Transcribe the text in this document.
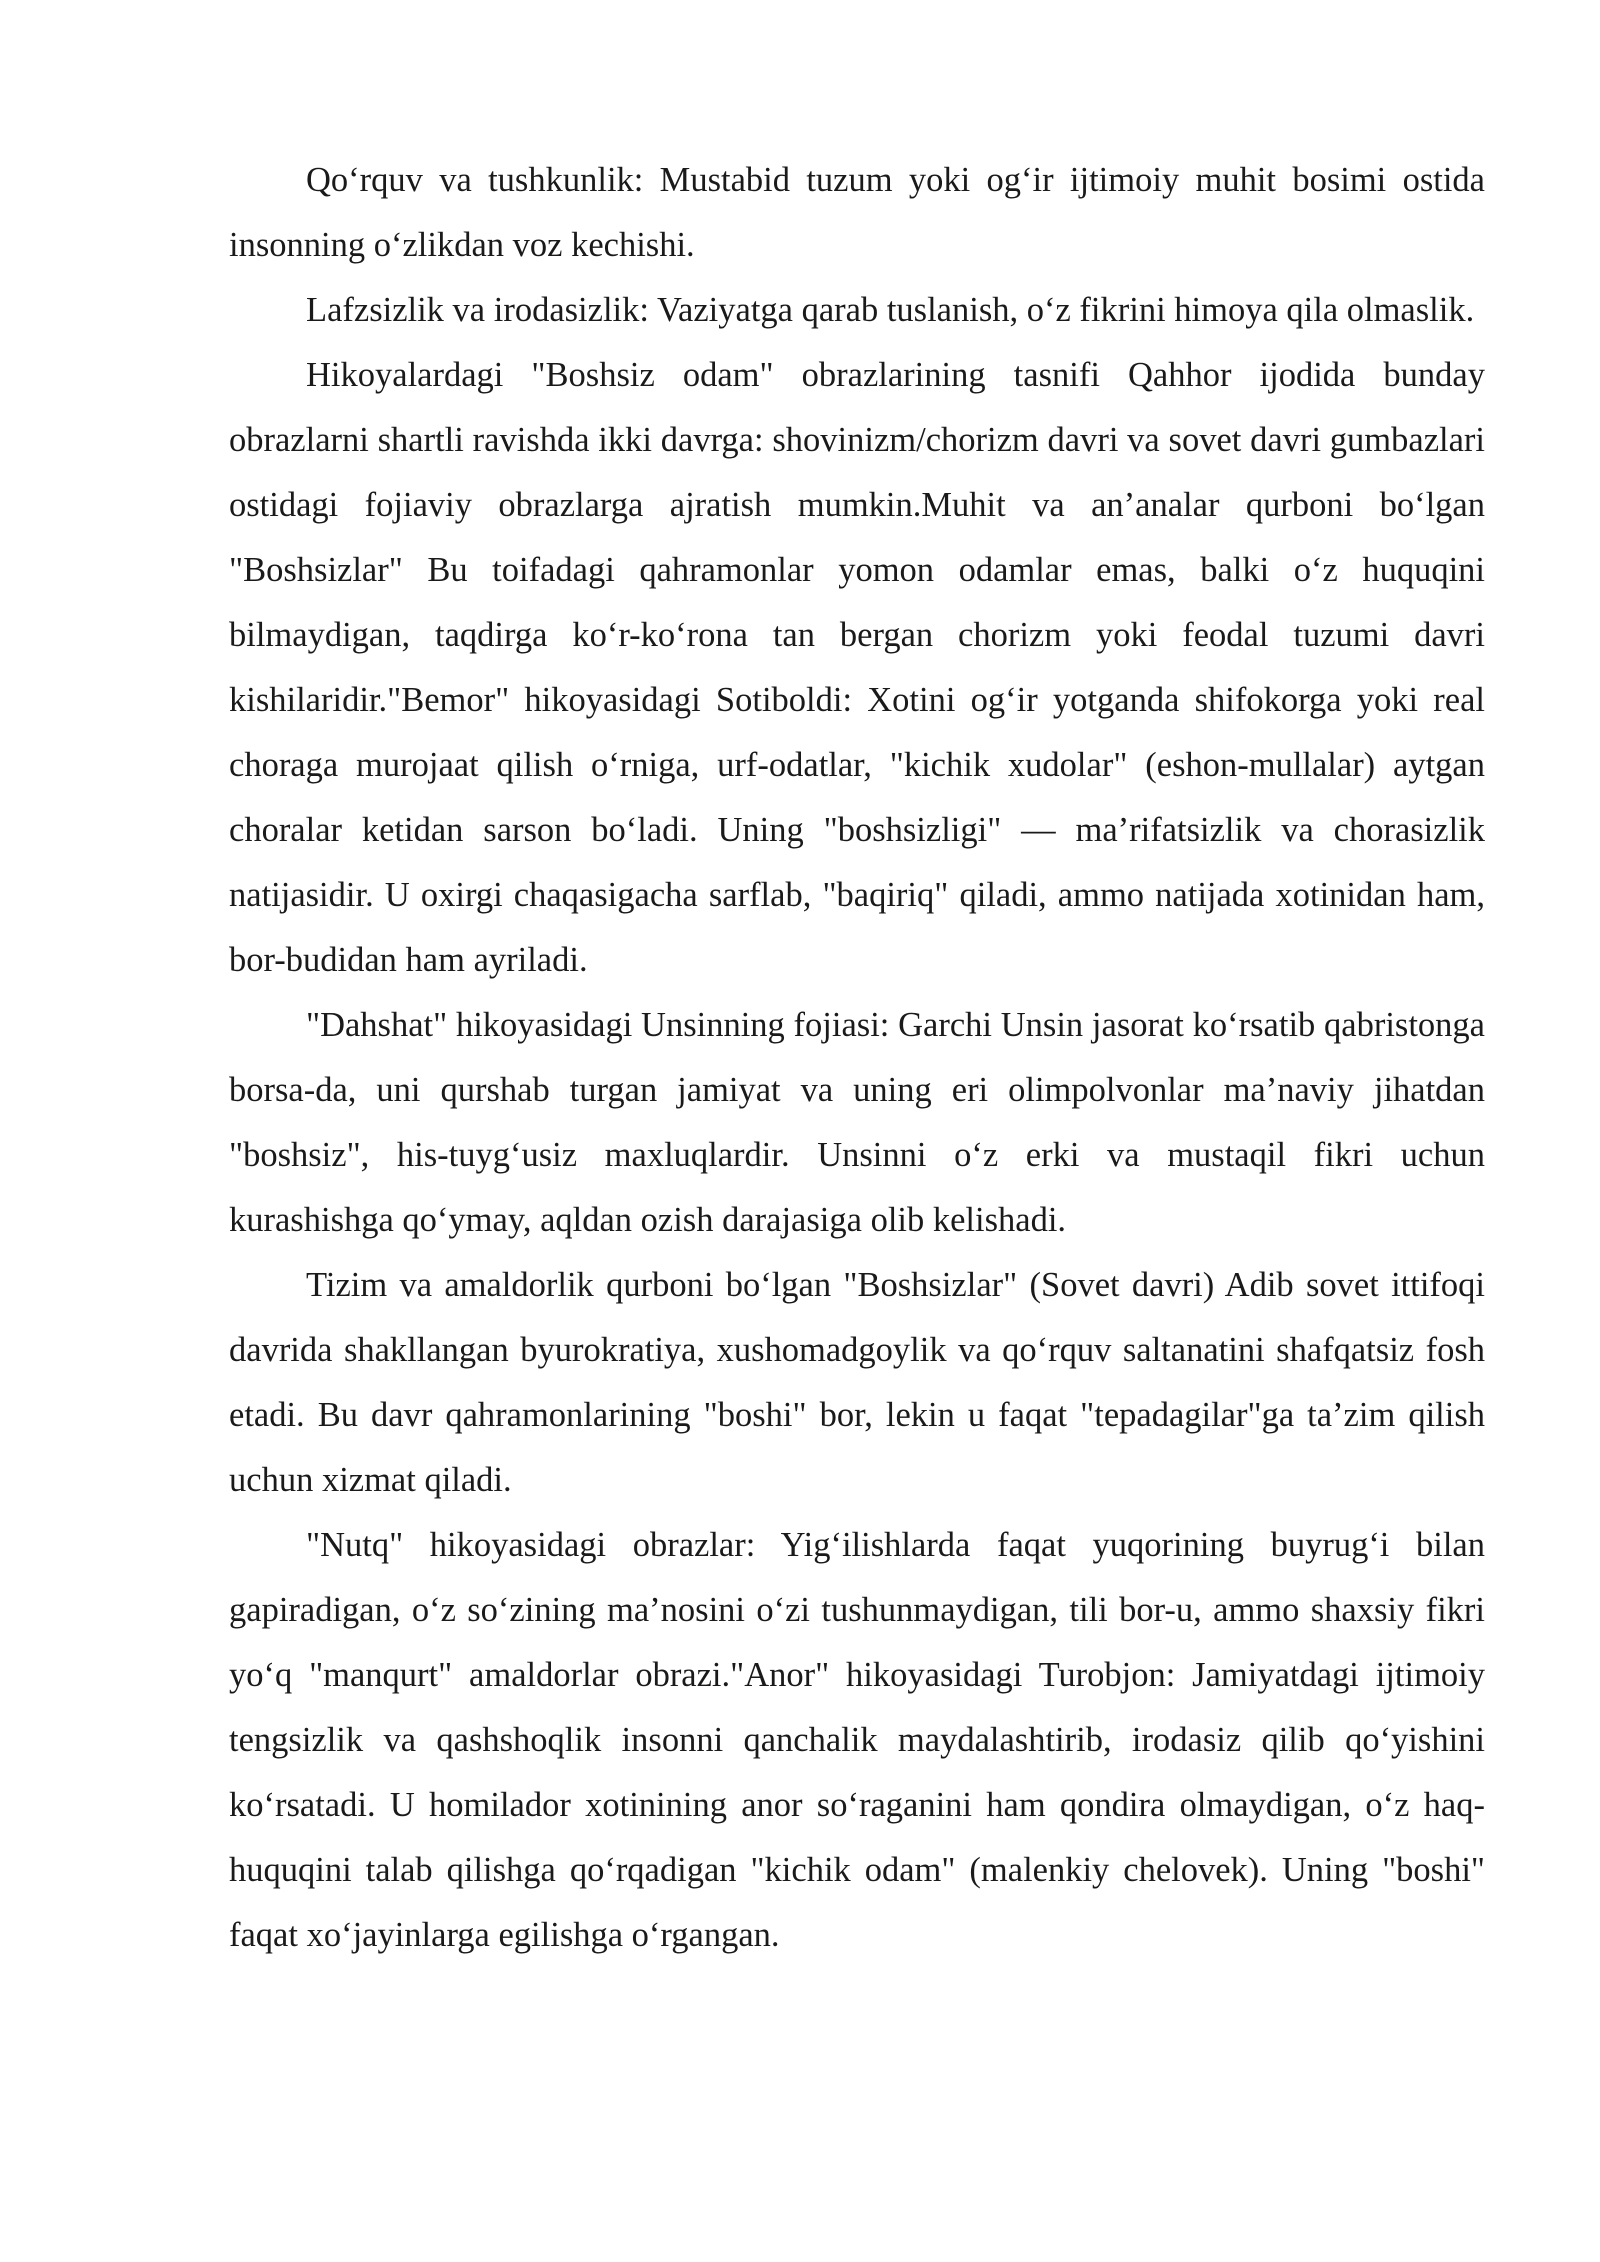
Qo‘rquv va tushkunlik: Mustabid tuzum yoki og‘ir ijtimoiy muhit bosimi ostida insonning o‘zlikdan voz kechishi.

Lafzsizlik va irodasizlik: Vaziyatga qarab tuslanish, o‘z fikrini himoya qila olmaslik.

Hikoyalardagi "Boshsiz odam" obrazlarining tasnifi Qahhor ijodida bunday obrazlarni shartli ravishda ikki davrga: shovinizm/chorizm davri va sovet davri gumbazlari ostidagi fojiaviy obrazlarga ajratish mumkin.Muhit va an’analar qurboni bo‘lgan "Boshsizlar" Bu toifadagi qahramonlar yomon odamlar emas, balki o‘z huquqini bilmaydigan, taqdirga ko‘r-ko‘rona tan bergan chorizm yoki feodal tuzumi davri kishilaridir."Bemor" hikoyasidagi Sotiboldi: Xotini og‘ir yotganda shifokorga yoki real choraga murojaat qilish o‘rniga, urf-odatlar, "kichik xudolar" (eshon-mullalar) aytgan choralar ketidan sarson bo‘ladi. Uning "boshsizligi" — ma’rifatsizlik va chorasizlik natijasidir. U oxirgi chaqasigacha sarflab, "baqiriq" qiladi, ammo natijada xotinidan ham, bor-budidan ham ayriladi.

"Dahshat" hikoyasidagi Unsinning fojiasi: Garchi Unsin jasorat ko‘rsatib qabristonga borsa-da, uni qurshab turgan jamiyat va uning eri olimpolvonlar ma’naviy jihatdan "boshsiz", his-tuyg‘usiz maxluqlardir. Unsinni o‘z erki va mustaqil fikri uchun kurashishga qo‘ymay, aqldan ozish darajasiga olib kelishadi.

Tizim va amaldorlik qurboni bo‘lgan "Boshsizlar" (Sovet davri) Adib sovet ittifoqi davrida shakllangan byurokratiya, xushomadgoylik va qo‘rquv saltanatini shafqatsiz fosh etadi. Bu davr qahramonlarining "boshi" bor, lekin u faqat "tepadagilar"ga ta’zim qilish uchun xizmat qiladi.

"Nutq" hikoyasidagi obrazlar: Yig‘ilishlarda faqat yuqorining buyrug‘i bilan gapiradigan, o‘z so‘zining ma’nosini o‘zi tushunmaydigan, tili bor-u, ammo shaxsiy fikri yo‘q "manqurt" amaldorlar obrazi."Anor" hikoyasidagi Turobjon: Jamiyatdagi ijtimoiy tengsizlik va qashshoqlik insonni qanchalik maydalashtirib, irodasiz qilib qo‘yishini ko‘rsatadi. U homilador xotinining anor so‘raganini ham qondira olmaydigan, o‘z haq-huquqini talab qilishga qo‘rqadigan "kichik odam" (malenkiy chelovek). Uning "boshi" faqat xo‘jayinlarga egilishga o‘rgangan.
